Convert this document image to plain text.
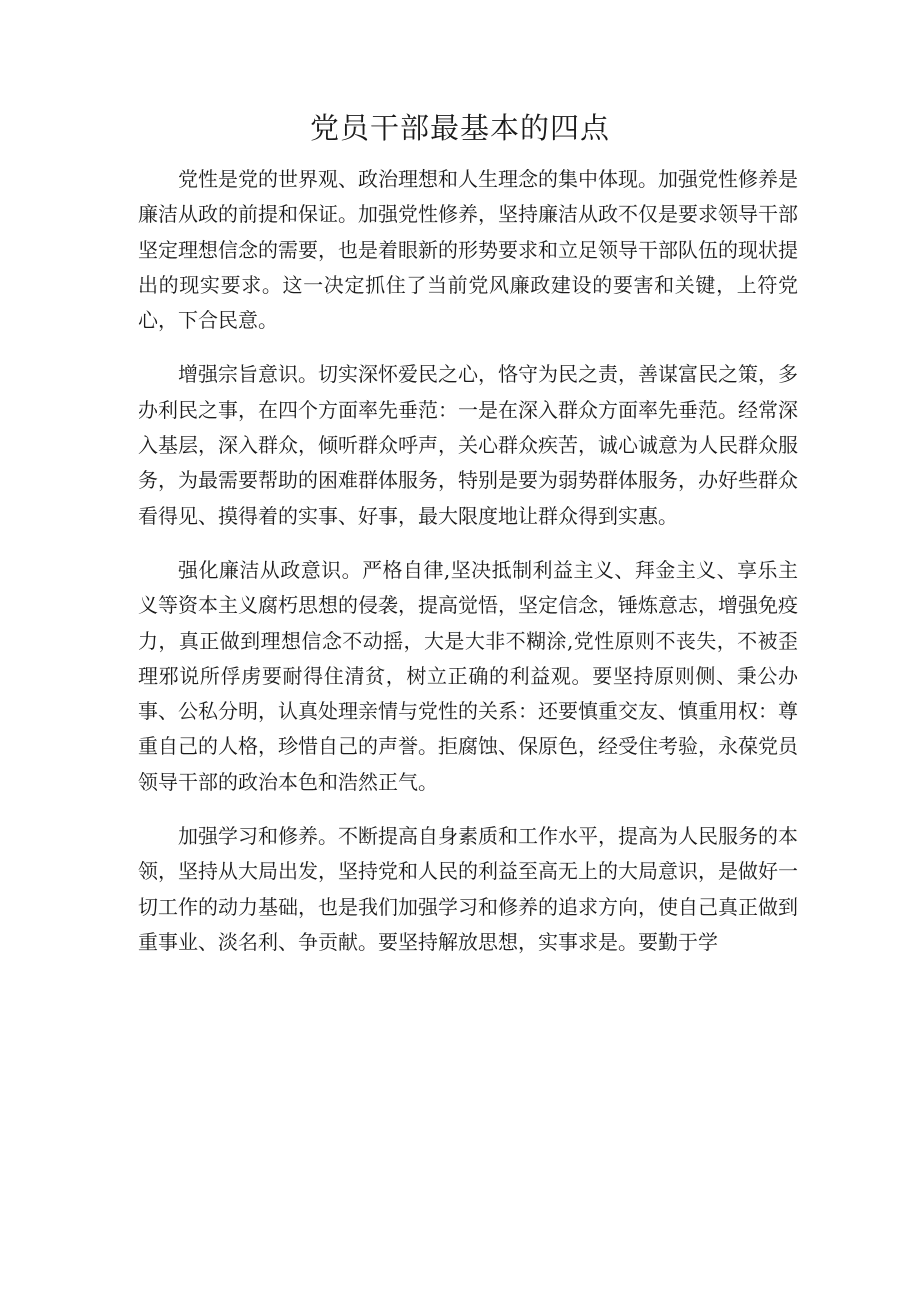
党员干部最基本的四点

党性是党的世界观、政治理想和人生理念的集中体现。加强党性修养是廉洁从政的前提和保证。加强党性修养，坚持廉洁从政不仅是要求领导干部坚定理想信念的需要，也是着眼新的形势要求和立足领导干部队伍的现状提出的现实要求。这一决定抓住了当前党风廉政建设的要害和关键，上符党心，下合民意。

增强宗旨意识。切实深怀爱民之心，恪守为民之责，善谋富民之策，多办利民之事，在四个方面率先垂范：一是在深入群众方面率先垂范。经常深入基层，深入群众，倾听群众呼声，关心群众疾苦，诚心诚意为人民群众服务，为最需要帮助的困难群体服务，特别是要为弱势群体服务，办好些群众看得见、摸得着的实事、好事，最大限度地让群众得到实惠。

强化廉洁从政意识。严格自律,坚决抵制利益主义、拜金主义、享乐主义等资本主义腐朽思想的侵袭，提高觉悟，坚定信念，锤炼意志，增强免疫力，真正做到理想信念不动摇，大是大非不糊涂,党性原则不丧失，不被歪理邪说所俘虏要耐得住清贫，树立正确的利益观。要坚持原则侧、秉公办事、公私分明，认真处理亲情与党性的关系：还要慎重交友、慎重用权：尊重自己的人格，珍惜自己的声誉。拒腐蚀、保原色，经受住考验，永葆党员领导干部的政治本色和浩然正气。

加强学习和修养。不断提高自身素质和工作水平，提高为人民服务的本领，坚持从大局出发，坚持党和人民的利益至高无上的大局意识，是做好一切工作的动力基础，也是我们加强学习和修养的追求方向，使自己真正做到重事业、淡名利、争贡献。要坚持解放思想，实事求是。要勤于学
